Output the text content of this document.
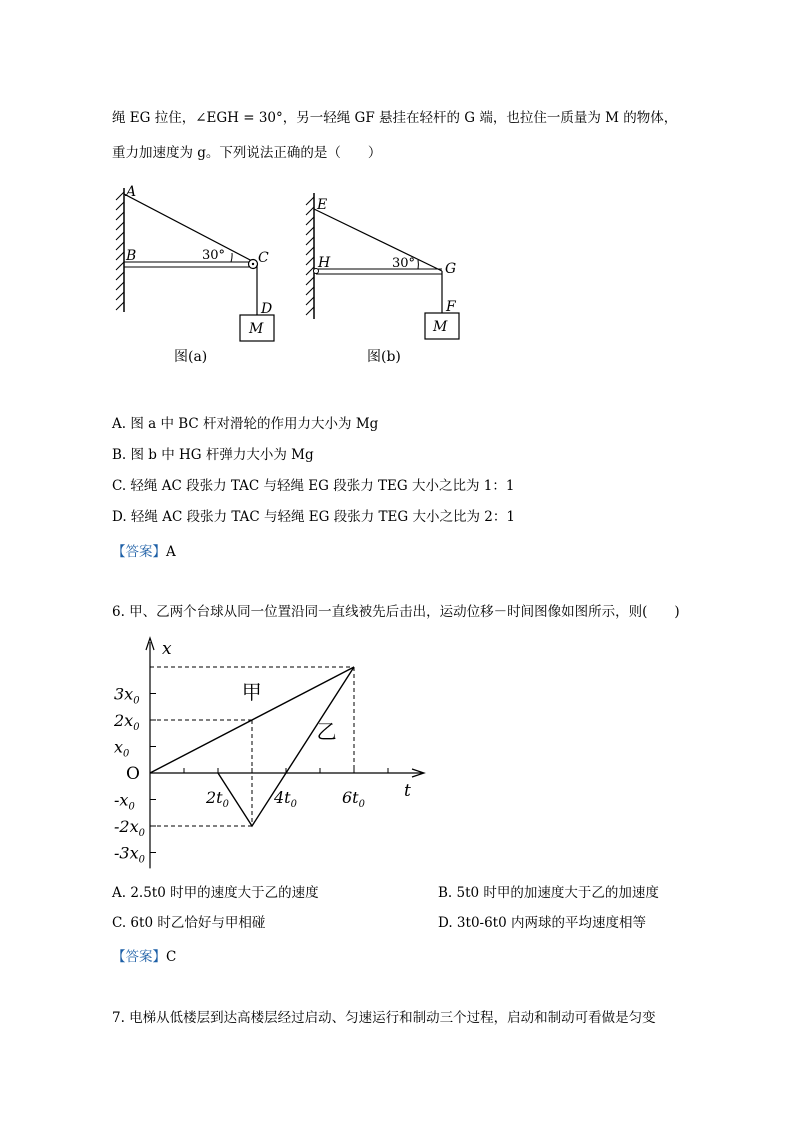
绳 EG 拉住，∠EGH = 30°，另一轻绳 GF 悬挂在轻杆的 G 端，也拉住一质量为 M 的物体，
重力加速度为 g。下列说法正确的是（　　）
M
A
B	C
D
30°
图(a)
M
E
H	G
F
30°
图(b)
A. 图 a 中 BC 杆对滑轮的作用力大小为 Mg
B. 图 b 中 HG 杆弹力大小为 Mg
C. 轻绳 AC 段张力 TAC 与轻绳 EG 段张力 TEG 大小之比为 1：1
D. 轻绳 AC 段张力 TAC 与轻绳 EG 段张力 TEG 大小之比为 2：1
【答案】A
6. 甲、乙两个台球从同一位置沿同一直线被先后击出，运动位移－时间图像如图所示，则(　　)
$3x_0$
$2x_0$
$x_0$
$-x_0$
$-2x_0$
$-3x_0$
$2t_0$	$4t_0$	$6t_0$
O
x
t
甲
乙
A. 2.5t0 时甲的速度大于乙的速度	B. 5t0 时甲的加速度大于乙的加速度
C. 6t0 时乙恰好与甲相碰	D. 3t0-6t0 内两球的平均速度相等
【答案】C
7. 电梯从低楼层到达高楼层经过启动、匀速运行和制动三个过程，启动和制动可看做是匀变
